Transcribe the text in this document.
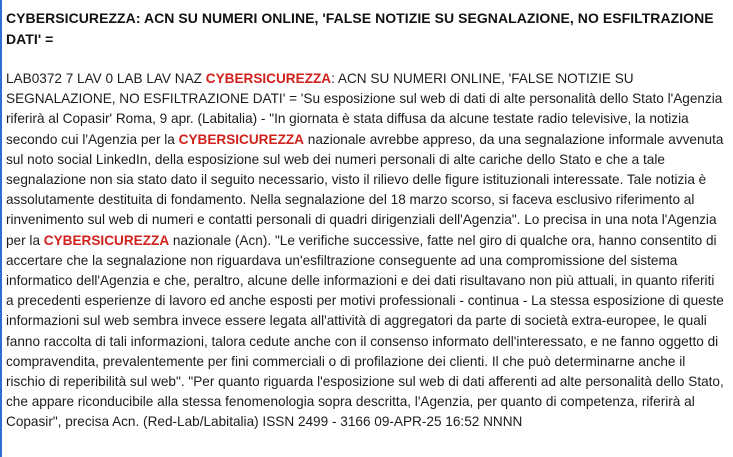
CYBERSICUREZZA: ACN SU NUMERI ONLINE, 'FALSE NOTIZIE SU SEGNALAZIONE, NO ESFILTRAZIONE DATI' =

LAB0372 7 LAV 0 LAB LAV NAZ CYBERSICUREZZA: ACN SU NUMERI ONLINE, 'FALSE NOTIZIE SU SEGNALAZIONE, NO ESFILTRAZIONE DATI' = 'Su esposizione sul web di dati di alte personalità dello Stato l'Agenzia riferirà al Copasir' Roma, 9 apr. (Labitalia) - "In giornata è stata diffusa da alcune testate radio televisive, la notizia secondo cui l'Agenzia per la CYBERSICUREZZA nazionale avrebbe appreso, da una segnalazione informale avvenuta sul noto social LinkedIn, della esposizione sul web dei numeri personali di alte cariche dello Stato e che a tale segnalazione non sia stato dato il seguito necessario, visto il rilievo delle figure istituzionali interessate. Tale notizia è assolutamente destituita di fondamento. Nella segnalazione del 18 marzo scorso, si faceva esclusivo riferimento al rinvenimento sul web di numeri e contatti personali di quadri dirigenziali dell'Agenzia". Lo precisa in una nota l'Agenzia per la CYBERSICUREZZA nazionale (Acn). "Le verifiche successive, fatte nel giro di qualche ora, hanno consentito di accertare che la segnalazione non riguardava un'esfiltrazione conseguente ad una compromissione del sistema informatico dell'Agenzia e che, peraltro, alcune delle informazioni e dei dati risultavano non più attuali, in quanto riferiti a precedenti esperienze di lavoro ed anche esposti per motivi professionali - continua - La stessa esposizione di queste informazioni sul web sembra invece essere legata all'attività di aggregatori da parte di società extra-europee, le quali fanno raccolta di tali informazioni, talora cedute anche con il consenso informato dell'interessato, e ne fanno oggetto di compravendita, prevalentemente per fini commerciali o di profilazione dei clienti. Il che può determinarne anche il rischio di reperibilità sul web". "Per quanto riguarda l'esposizione sul web di dati afferenti ad alte personalità dello Stato, che appare riconducibile alla stessa fenomenologia sopra descritta, l'Agenzia, per quanto di competenza, riferirà al Copasir", precisa Acn. (Red-Lab/Labitalia) ISSN 2499 - 3166 09-APR-25 16:52 NNNN
